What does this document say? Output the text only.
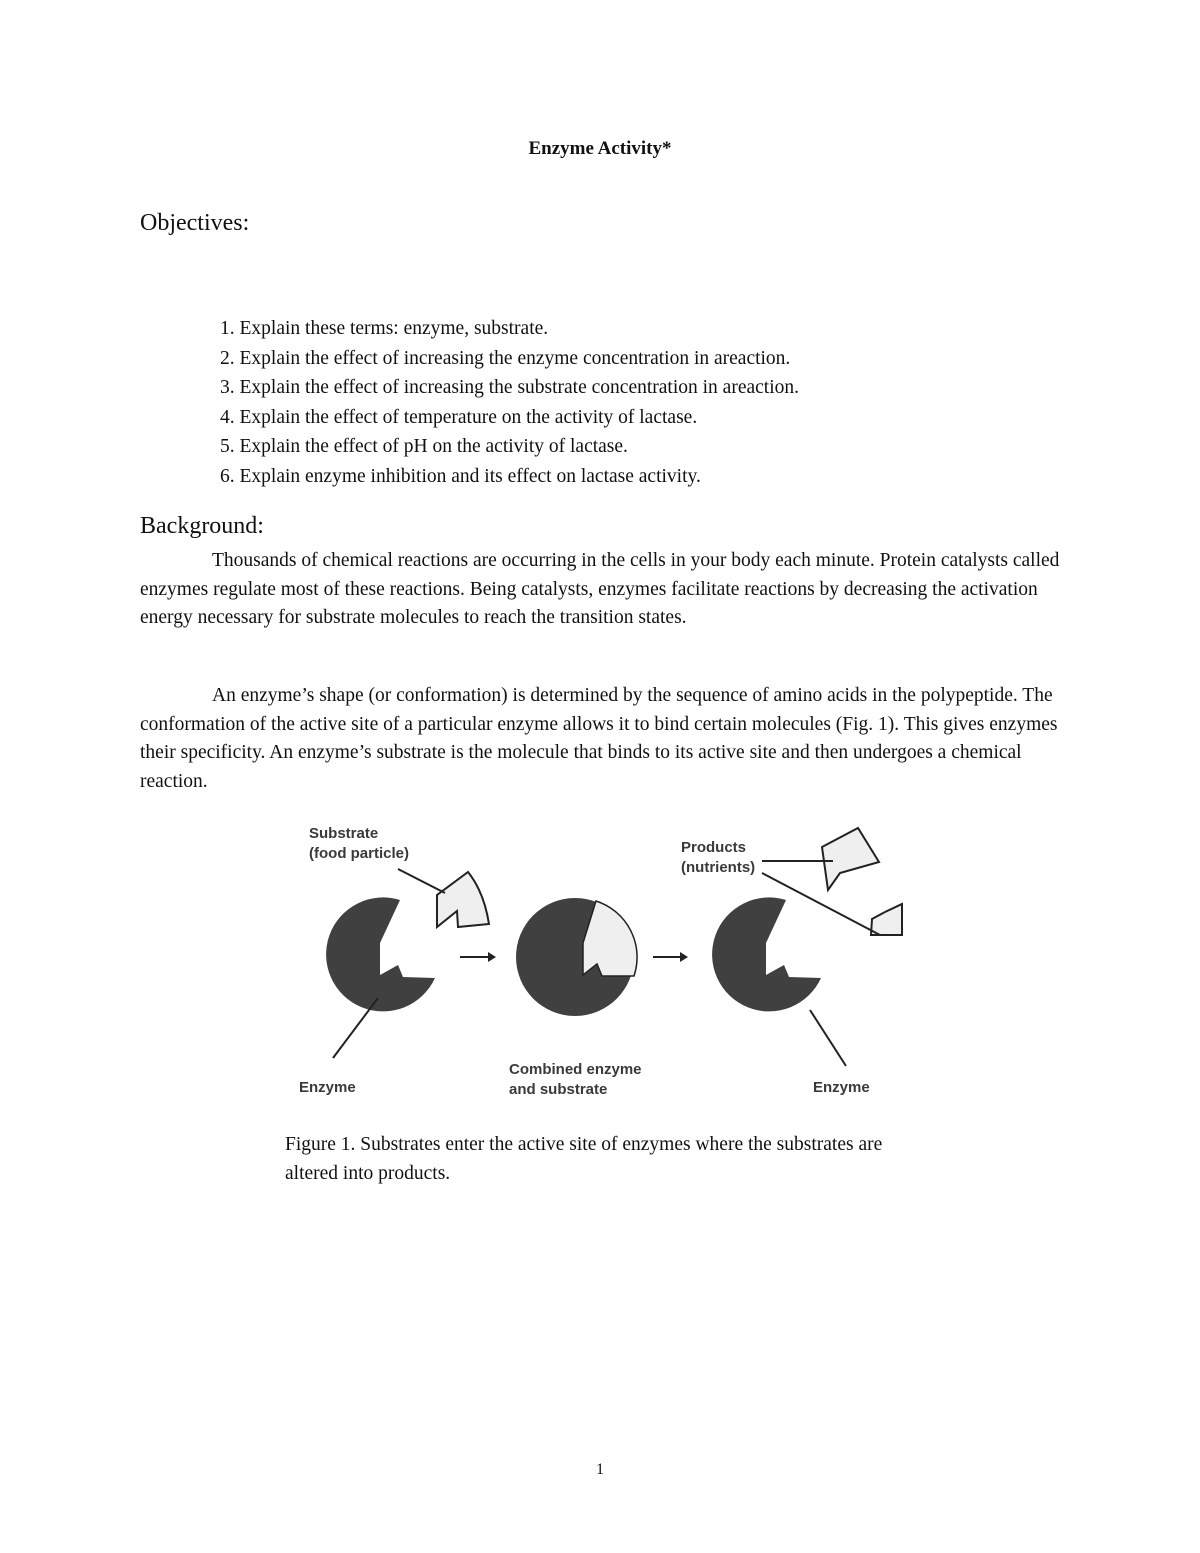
Enzyme Activity*
Objectives:
1. Explain these terms: enzyme, substrate.
2. Explain the effect of increasing the enzyme concentration in areaction.
3. Explain the effect of increasing the substrate concentration in areaction.
4. Explain the effect of temperature on the activity of lactase.
5. Explain the effect of pH on the activity of lactase.
6. Explain enzyme inhibition and its effect on lactase activity.
Background:

Thousands of chemical reactions are occurring in the cells in your body each minute. Protein catalysts called enzymes regulate most of these reactions. Being catalysts, enzymes facilitate reactions by decreasing the activation energy necessary for substrate molecules to reach the transition states.

An enzyme’s shape (or conformation) is determined by the sequence of amino acids in the polypeptide. The conformation of the active site of a particular enzyme allows it to bind certain molecules (Fig. 1). This gives enzymes their specificity. An enzyme’s substrate is the molecule that binds to its active site and then undergoes a chemical reaction.

Substrate
(food particle)	Products
(nutrients)
Enzyme
Combined enzyme
and substrate	Enzyme

Figure 1. Substrates enter the active site of enzymes where the substrates are altered into products.

1
